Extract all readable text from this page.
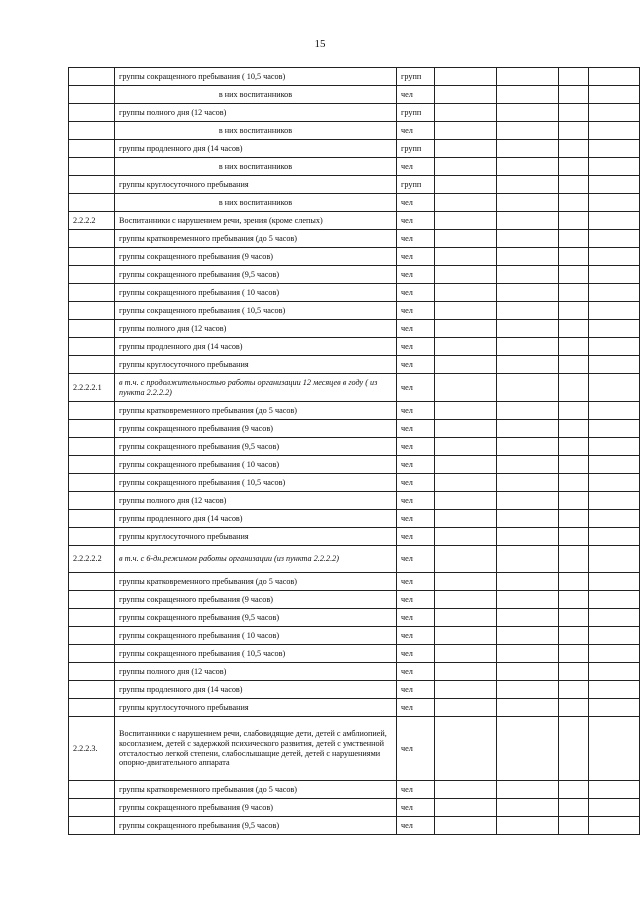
15
	группы сокращенного пребывания ( 10,5 часов)	групп				
	в них воспитанников	чел				
	группы полного дня (12 часов)	групп				
	в них воспитанников	чел				
	группы продленного дня (14 часов)	групп				
	в них воспитанников	чел				
	группы круглосуточного пребывания	групп				
	в них воспитанников	чел				
2.2.2.2	Воспитанники с нарушением речи, зрения (кроме слепых)	чел				
	группы кратковременного пребывания (до 5 часов)	чел				
	группы сокращенного пребывания (9 часов)	чел				
	группы сокращенного пребывания (9,5 часов)	чел				
	группы сокращенного пребывания ( 10 часов)	чел				
	группы сокращенного пребывания ( 10,5 часов)	чел				
	группы полного дня (12 часов)	чел				
	группы продленного дня (14 часов)	чел				
	группы круглосуточного пребывания	чел				
2.2.2.2.1	в т.ч. с продолжительностью работы организации 12 месяцев в году ( из пункта 2.2.2.2)	чел				
	группы кратковременного пребывания (до 5 часов)	чел				
	группы сокращенного пребывания (9 часов)	чел				
	группы сокращенного пребывания (9,5 часов)	чел				
	группы сокращенного пребывания ( 10 часов)	чел				
	группы сокращенного пребывания ( 10,5 часов)	чел				
	группы полного дня (12 часов)	чел				
	группы продленного дня (14 часов)	чел				
	группы круглосуточного пребывания	чел				
2.2.2.2.2	в т.ч. с 6-дн.режимом работы организации (из пункта 2.2.2.2)	чел				
	группы кратковременного пребывания (до 5 часов)	чел				
	группы сокращенного пребывания (9 часов)	чел				
	группы сокращенного пребывания (9,5 часов)	чел				
	группы сокращенного пребывания ( 10 часов)	чел				
	группы сокращенного пребывания ( 10,5 часов)	чел				
	группы полного дня (12 часов)	чел				
	группы продленного дня (14 часов)	чел				
	группы круглосуточного пребывания	чел				
2.2.2.3.	Воспитанники с нарушением речи, слабовидящие дети, детей с амблиопией, косоглазием, детей с задержкой психического развития, детей с умственной отсталостью легкой степени, слабослышащие детей, детей с нарушениями опорно-двигательного аппарата	чел				
	группы кратковременного пребывания (до 5 часов)	чел				
	группы сокращенного пребывания (9 часов)	чел				
	группы сокращенного пребывания (9,5 часов)	чел				
